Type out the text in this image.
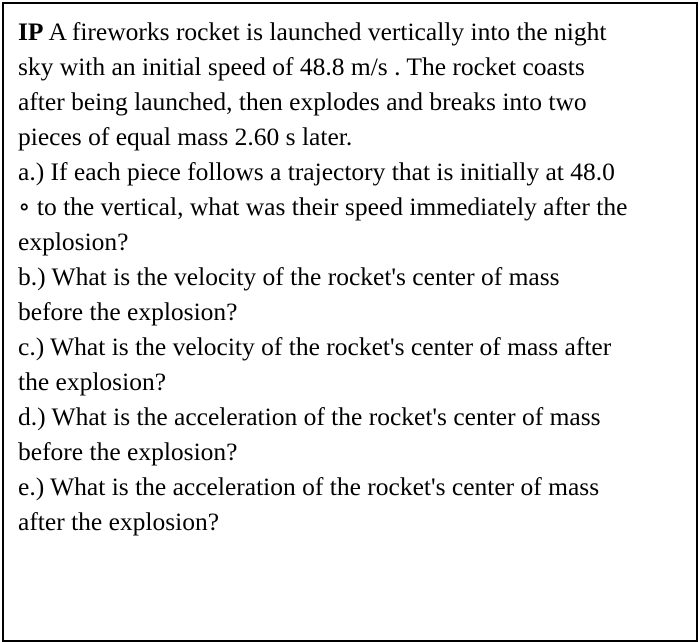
IP A fireworks rocket is launched vertically into the night

sky with an initial speed of 48.8 m/s . The rocket coasts

after being launched, then explodes and breaks into two

pieces of equal mass 2.60 s later.

a.) If each piece follows a trajectory that is initially at 48.0

∘ to the vertical, what was their speed immediately after the

explosion?

b.) What is the velocity of the rocket's center of mass

before the explosion?

c.) What is the velocity of the rocket's center of mass after

the explosion?

d.) What is the acceleration of the rocket's center of mass

before the explosion?

e.) What is the acceleration of the rocket's center of mass

after the explosion?
